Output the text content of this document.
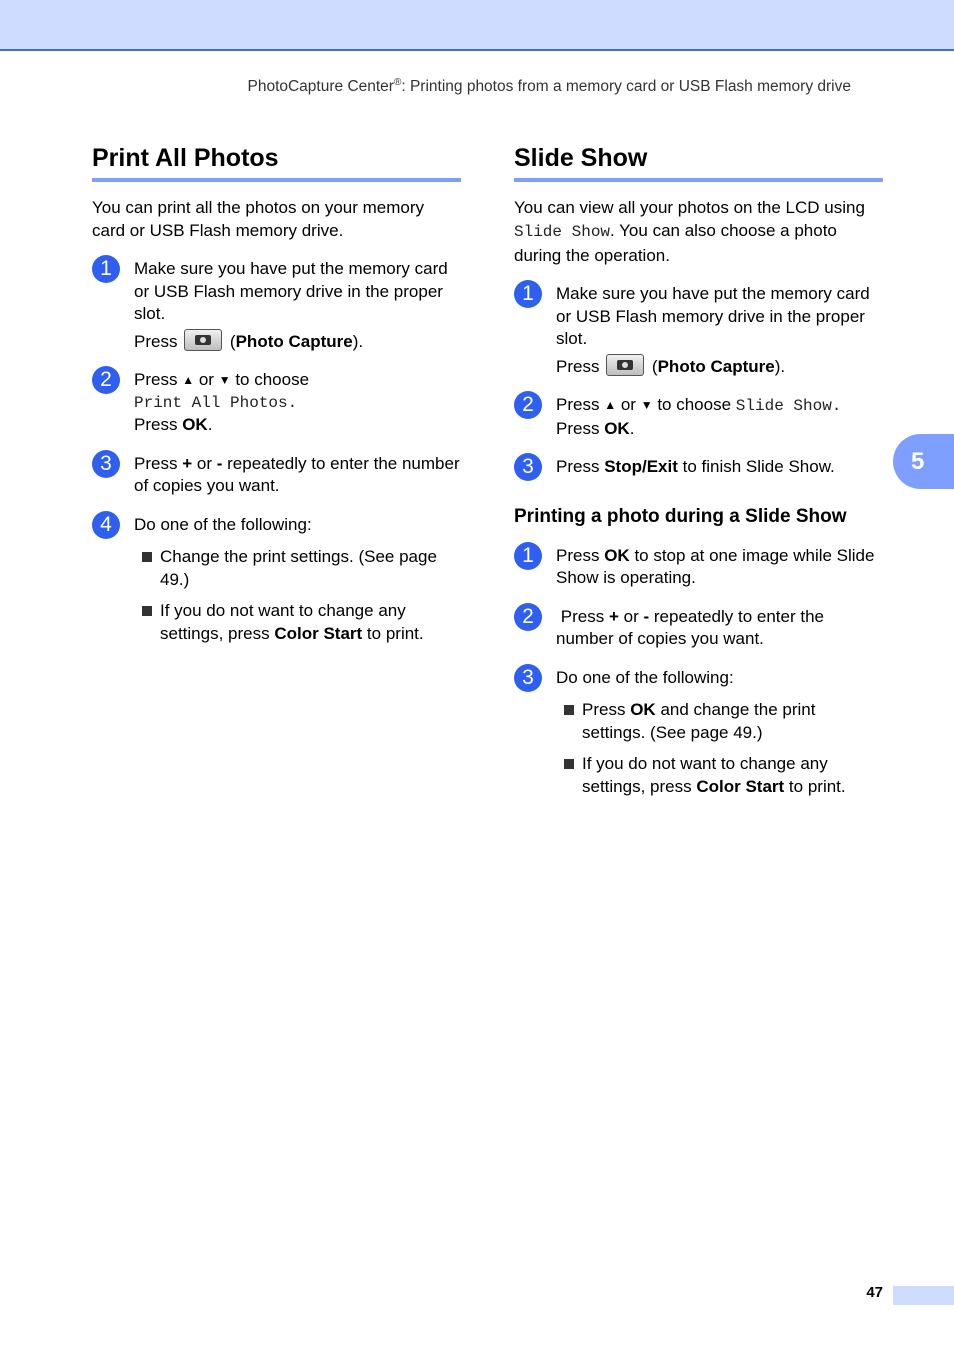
PhotoCapture Center®: Printing photos from a memory card or USB Flash memory drive
Print All Photos

You can print all the photos on your memory card or USB Flash memory drive.

1	Make sure you have put the memory card or USB Flash memory drive in the proper slot.
Press	(Photo Capture).
2	Press ▲ or ▼ to choose
Print All Photos.
Press OK.
3	Press + or - repeatedly to enter the number of copies you want.
4	Do one of the following:
Change the print settings. (See page 49.)
If you do not want to change any settings, press Color Start to print.
Slide Show

You can view all your photos on the LCD using Slide Show. You can also choose a photo during the operation.

1	Make sure you have put the memory card or USB Flash memory drive in the proper slot.
Press	(Photo Capture).
2	Press ▲ or ▼ to choose Slide Show.
Press OK.
3	Press Stop/Exit to finish Slide Show.
Printing a photo during a Slide Show
1	Press OK to stop at one image while Slide Show is operating.
2	Press + or - repeatedly to enter the number of copies you want.
3	Do one of the following:
Press OK and change the print settings. (See page 49.)
If you do not want to change any settings, press Color Start to print.
5
47
